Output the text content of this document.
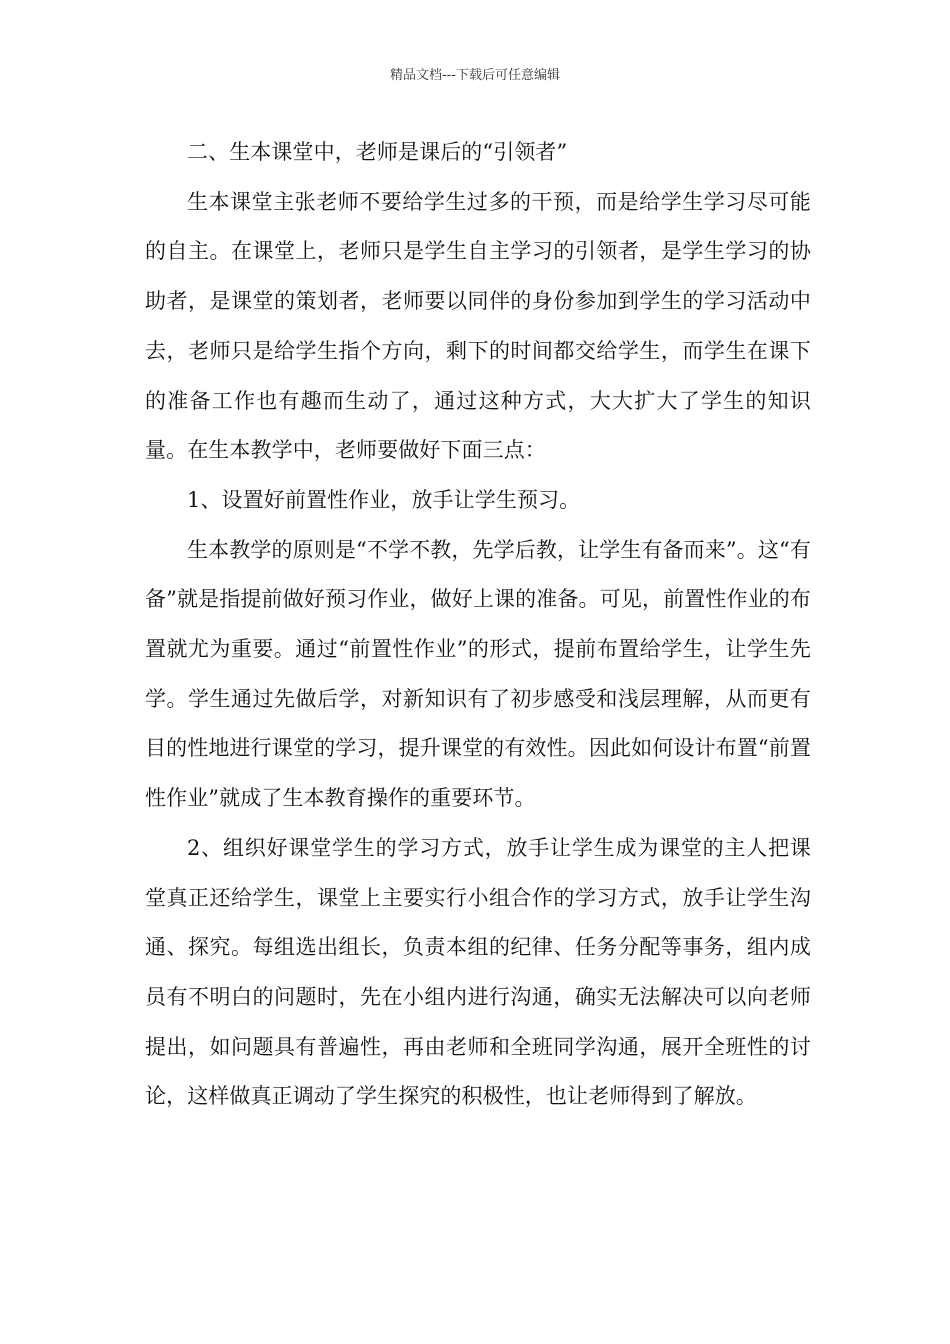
精品文档---下载后可任意编辑

二、生本课堂中，老师是课后的“引领者”

生本课堂主张老师不要给学生过多的干预，而是给学生学习尽可能的自主。在课堂上，老师只是学生自主学习的引领者，是学生学习的协助者，是课堂的策划者，老师要以同伴的身份参加到学生的学习活动中去，老师只是给学生指个方向，剩下的时间都交给学生，而学生在课下的准备工作也有趣而生动了，通过这种方式，大大扩大了学生的知识量。在生本教学中，老师要做好下面三点：

1、设置好前置性作业，放手让学生预习。

生本教学的原则是“不学不教，先学后教，让学生有备而来”。这“有备”就是指提前做好预习作业，做好上课的准备。可见，前置性作业的布置就尤为重要。通过“前置性作业”的形式，提前布置给学生，让学生先学。学生通过先做后学，对新知识有了初步感受和浅层理解，从而更有目的性地进行课堂的学习，提升课堂的有效性。因此如何设计布置“前置性作业”就成了生本教育操作的重要环节。

2、组织好课堂学生的学习方式，放手让学生成为课堂的主人把课堂真正还给学生，课堂上主要实行小组合作的学习方式，放手让学生沟通、探究。每组选出组长，负责本组的纪律、任务分配等事务，组内成员有不明白的问题时，先在小组内进行沟通，确实无法解决可以向老师提出，如问题具有普遍性，再由老师和全班同学沟通，展开全班性的讨论，这样做真正调动了学生探究的积极性，也让老师得到了解放。
